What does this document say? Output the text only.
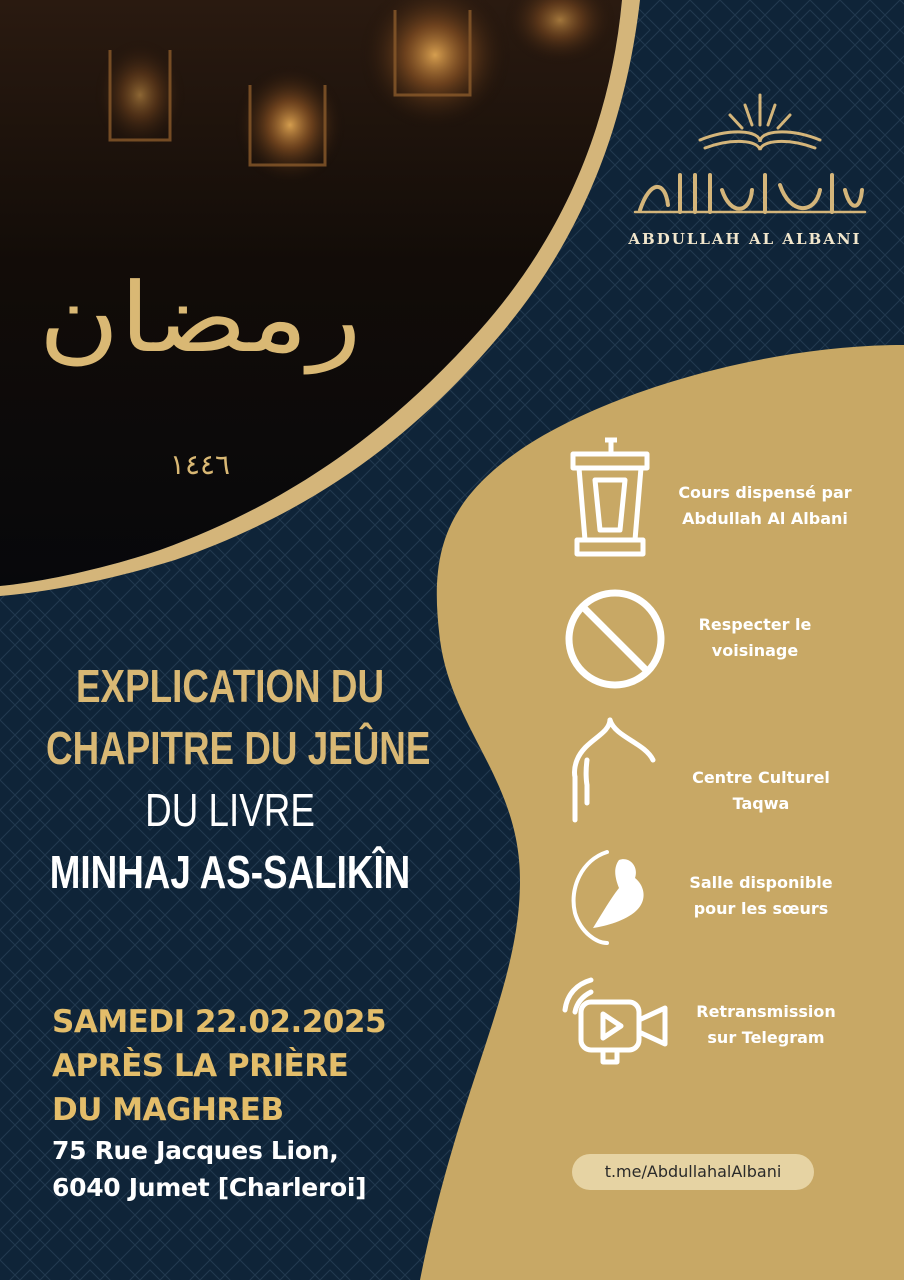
ABDULLAH AL ALBANI
رمضان
١٤٤٦
EXPLICATION DU
CHAPITRE DU JEÛNE
DU LIVRE
MINHAJ AS-SALIKÎN
SAMEDI 22.02.2025
APRÈS LA PRIÈRE
DU MAGHREB
75 Rue Jacques Lion,
6040 Jumet [Charleroi]
Cours dispensé par
Abdullah Al Albani
Respecter le
voisinage
Centre Culturel
Taqwa
Salle disponible
pour les sœurs
Retransmission
sur Telegram
t.me/AbdullahalAlbani
